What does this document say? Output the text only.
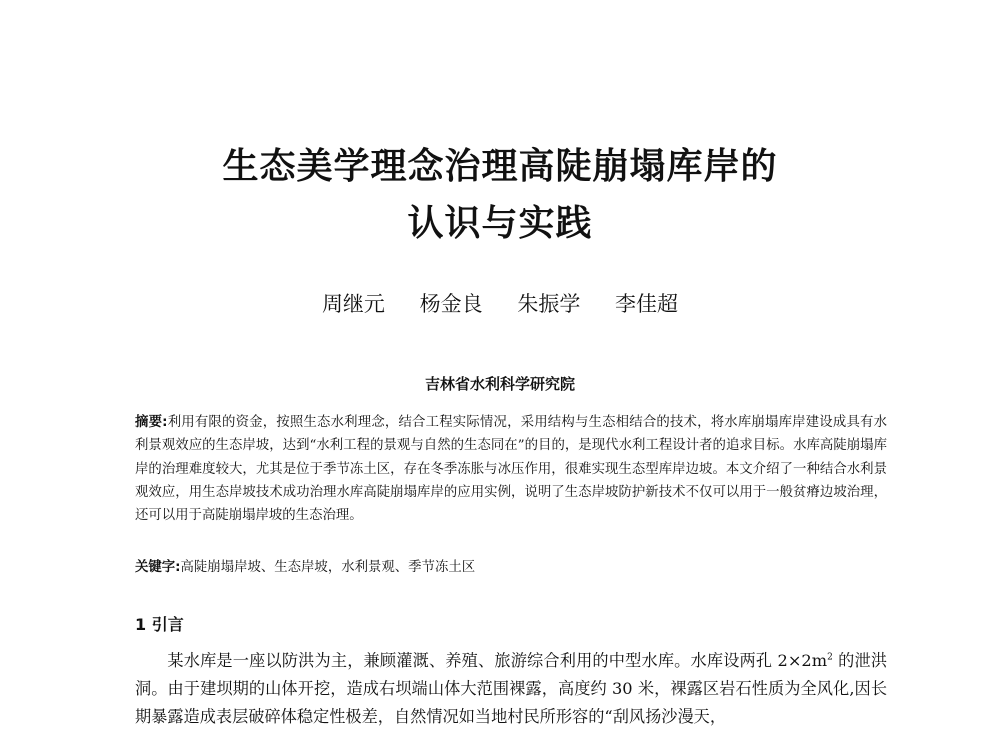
生态美学理念治理高陡崩塌库岸的
认识与实践
周继元 杨金良 朱振学 李佳超
吉林省水利科学研究院
摘要:利用有限的资金，按照生态水利理念，结合工程实际情况，采用结构与生态相结合的技术，将水库崩塌库岸建设成具有水利景观效应的生态岸坡，达到“水利工程的景观与自然的生态同在”的目的，是现代水利工程设计者的追求目标。水库高陡崩塌库岸的治理难度较大，尤其是位于季节冻土区，存在冬季冻胀与冰压作用，很难实现生态型库岸边坡。本文介绍了一种结合水利景观效应，用生态岸坡技术成功治理水库高陡崩塌库岸的应用实例，说明了生态岸坡防护新技术不仅可以用于一般贫瘠边坡治理，还可以用于高陡崩塌岸坡的生态治理。
关键字:高陡崩塌岸坡、生态岸坡，水利景观、季节冻土区
1 引言
某水库是一座以防洪为主，兼顾灌溉、养殖、旅游综合利用的中型水库。水库设两孔 $2\times 2m^2$ 的泄洪洞。由于建坝期的山体开挖，造成右坝端山体大范围裸露，高度约 30 米，裸露区岩石性质为全风化,因长期暴露造成表层破碎体稳定性极差，自然情况如当地村民所形容的“刮风扬沙漫天，
